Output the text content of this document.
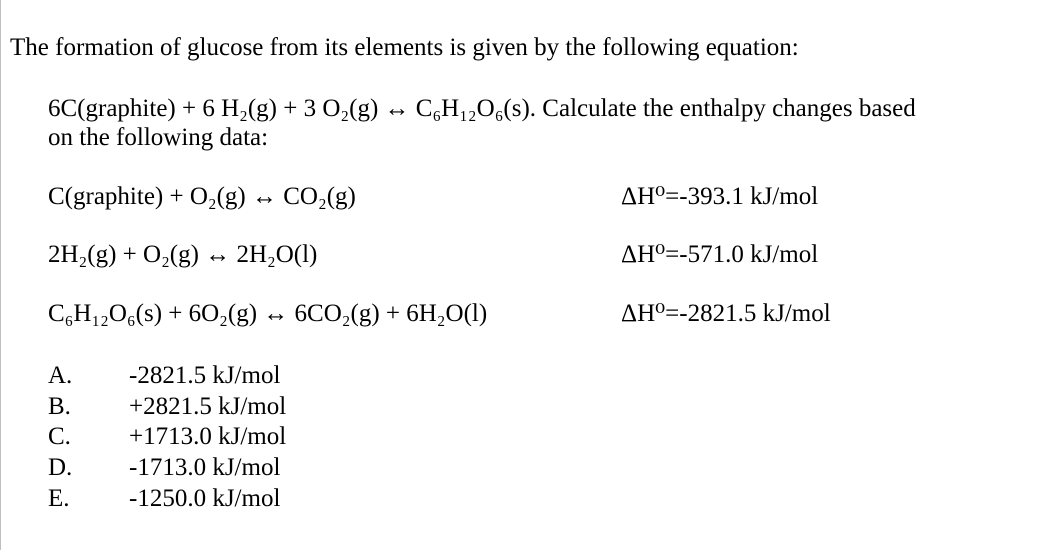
The formation of glucose from its elements is given by the following equation:
6C(graphite) + 6 H₂(g) + 3 O₂(g) ↔ C₆H₁₂O₆(s). Calculate the enthalpy changes based
on the following data:
C(graphite) + O₂(g) ↔ CO₂(g)	ΔH⁰=-393.1 kJ/mol
2H₂(g) + O₂(g) ↔ 2H₂O(l)	ΔH⁰=-571.0 kJ/mol
C₆H₁₂O₆(s) + 6O₂(g) ↔ 6CO₂(g) + 6H₂O(l)	ΔH⁰=-2821.5 kJ/mol
A. -2821.5 kJ/mol
B. +2821.5 kJ/mol
C. +1713.0 kJ/mol
D. -1713.0 kJ/mol
E. -1250.0 kJ/mol
